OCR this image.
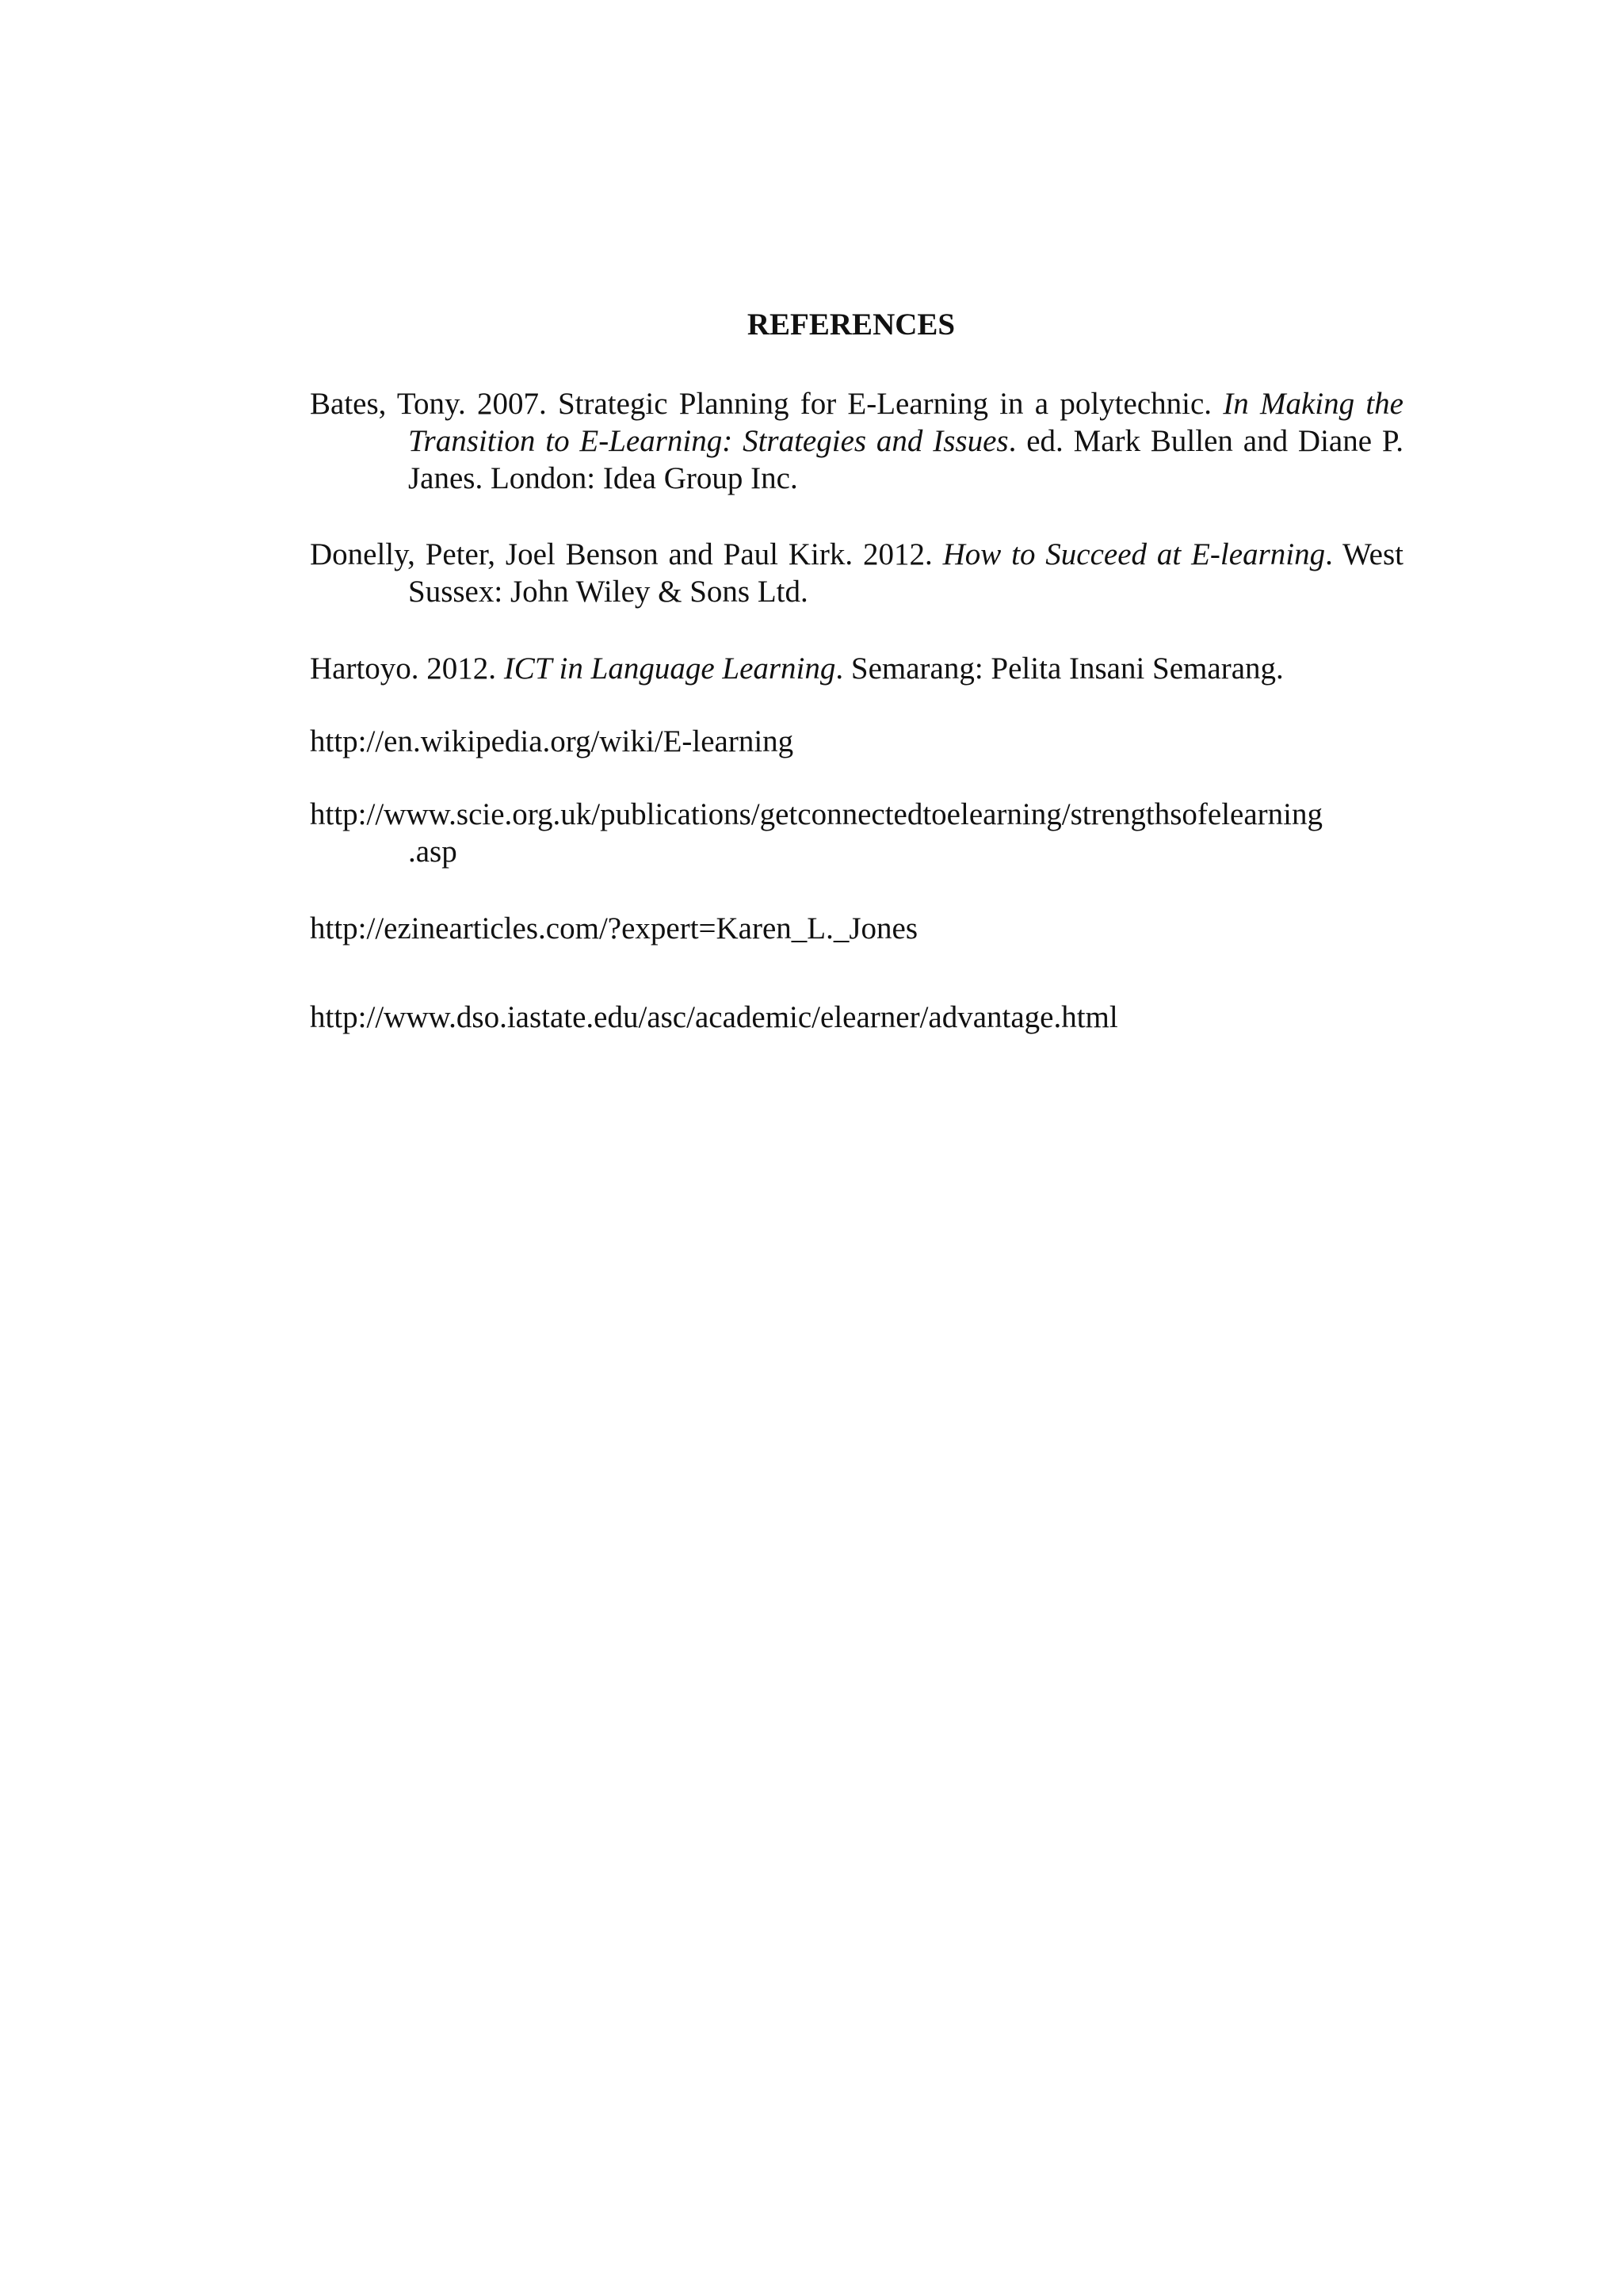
REFERENCES

Bates, Tony. 2007. Strategic Planning for E-Learning in a polytechnic. In Making the Transition to E-Learning: Strategies and Issues. ed. Mark Bullen and Diane P. Janes. London: Idea Group Inc.

Donelly, Peter, Joel Benson and Paul Kirk. 2012. How to Succeed at E-learning. West Sussex: John Wiley & Sons Ltd.

Hartoyo. 2012. ICT in Language Learning. Semarang: Pelita Insani Semarang.

http://en.wikipedia.org/wiki/E-learning

http://www.scie.org.uk/publications/getconnectedtoelearning/strengthsofelearning
.asp

http://ezinearticles.com/?expert=Karen_L._Jones

http://www.dso.iastate.edu/asc/academic/elearner/advantage.html
